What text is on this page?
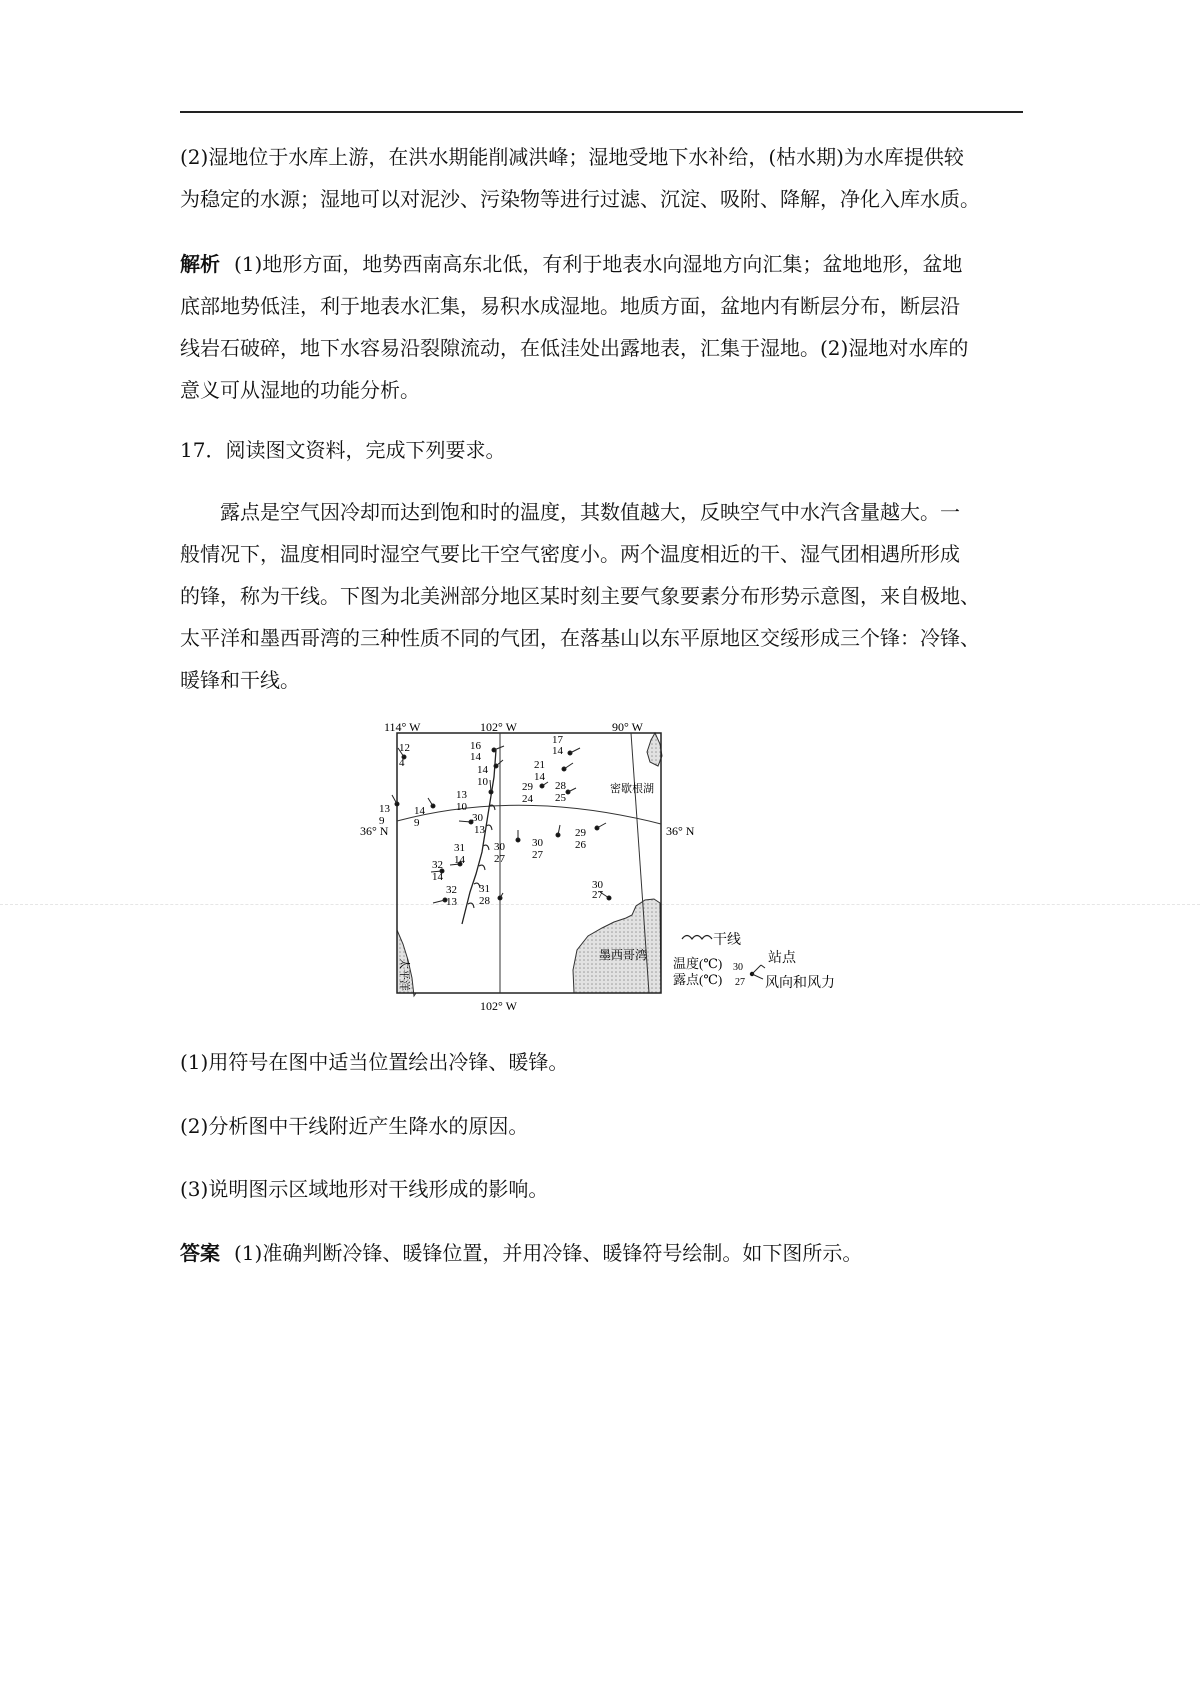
(2)湿地位于水库上游，在洪水期能削减洪峰；湿地受地下水补给，(枯水期)为水库提供较
为稳定的水源；湿地可以对泥沙、污染物等进行过滤、沉淀、吸附、降解，净化入库水质。
解析 (1)地形方面，地势西南高东北低，有利于地表水向湿地方向汇集；盆地地形，盆地
底部地势低洼，利于地表水汇集，易积水成湿地。地质方面，盆地内有断层分布，断层沿
线岩石破碎，地下水容易沿裂隙流动，在低洼处出露地表，汇集于湿地。(2)湿地对水库的
意义可从湿地的功能分析。
17．阅读图文资料，完成下列要求。
露点是空气因冷却而达到饱和时的温度，其数值越大，反映空气中水汽含量越大。一
般情况下，温度相同时湿空气要比干空气密度小。两个温度相近的干、湿气团相遇所形成
的锋，称为干线。下图为北美洲部分地区某时刻主要气象要素分布形势示意图，来自极地、
太平洋和墨西哥湾的三种性质不同的气团，在落基山以东平原地区交绥形成三个锋：冷锋、
暖锋和干线。
114° W	102° W	90° W
102° W
36° N	36° N
密歇根湖
墨西哥湾
太平洋
12
4
16
14
14
10
17
14
21
14
13
10
13
9
14
9
29
24
28
25
30
13	29
26
31
14
30
27
30
27
32
14
32
13
31
28
30
27
干线
温度(℃)
露点(℃)
30
27
站点
风向和风力
(1)用符号在图中适当位置绘出冷锋、暖锋。
(2)分析图中干线附近产生降水的原因。
(3)说明图示区域地形对干线形成的影响。
答案 (1)准确判断冷锋、暖锋位置，并用冷锋、暖锋符号绘制。如下图所示。
